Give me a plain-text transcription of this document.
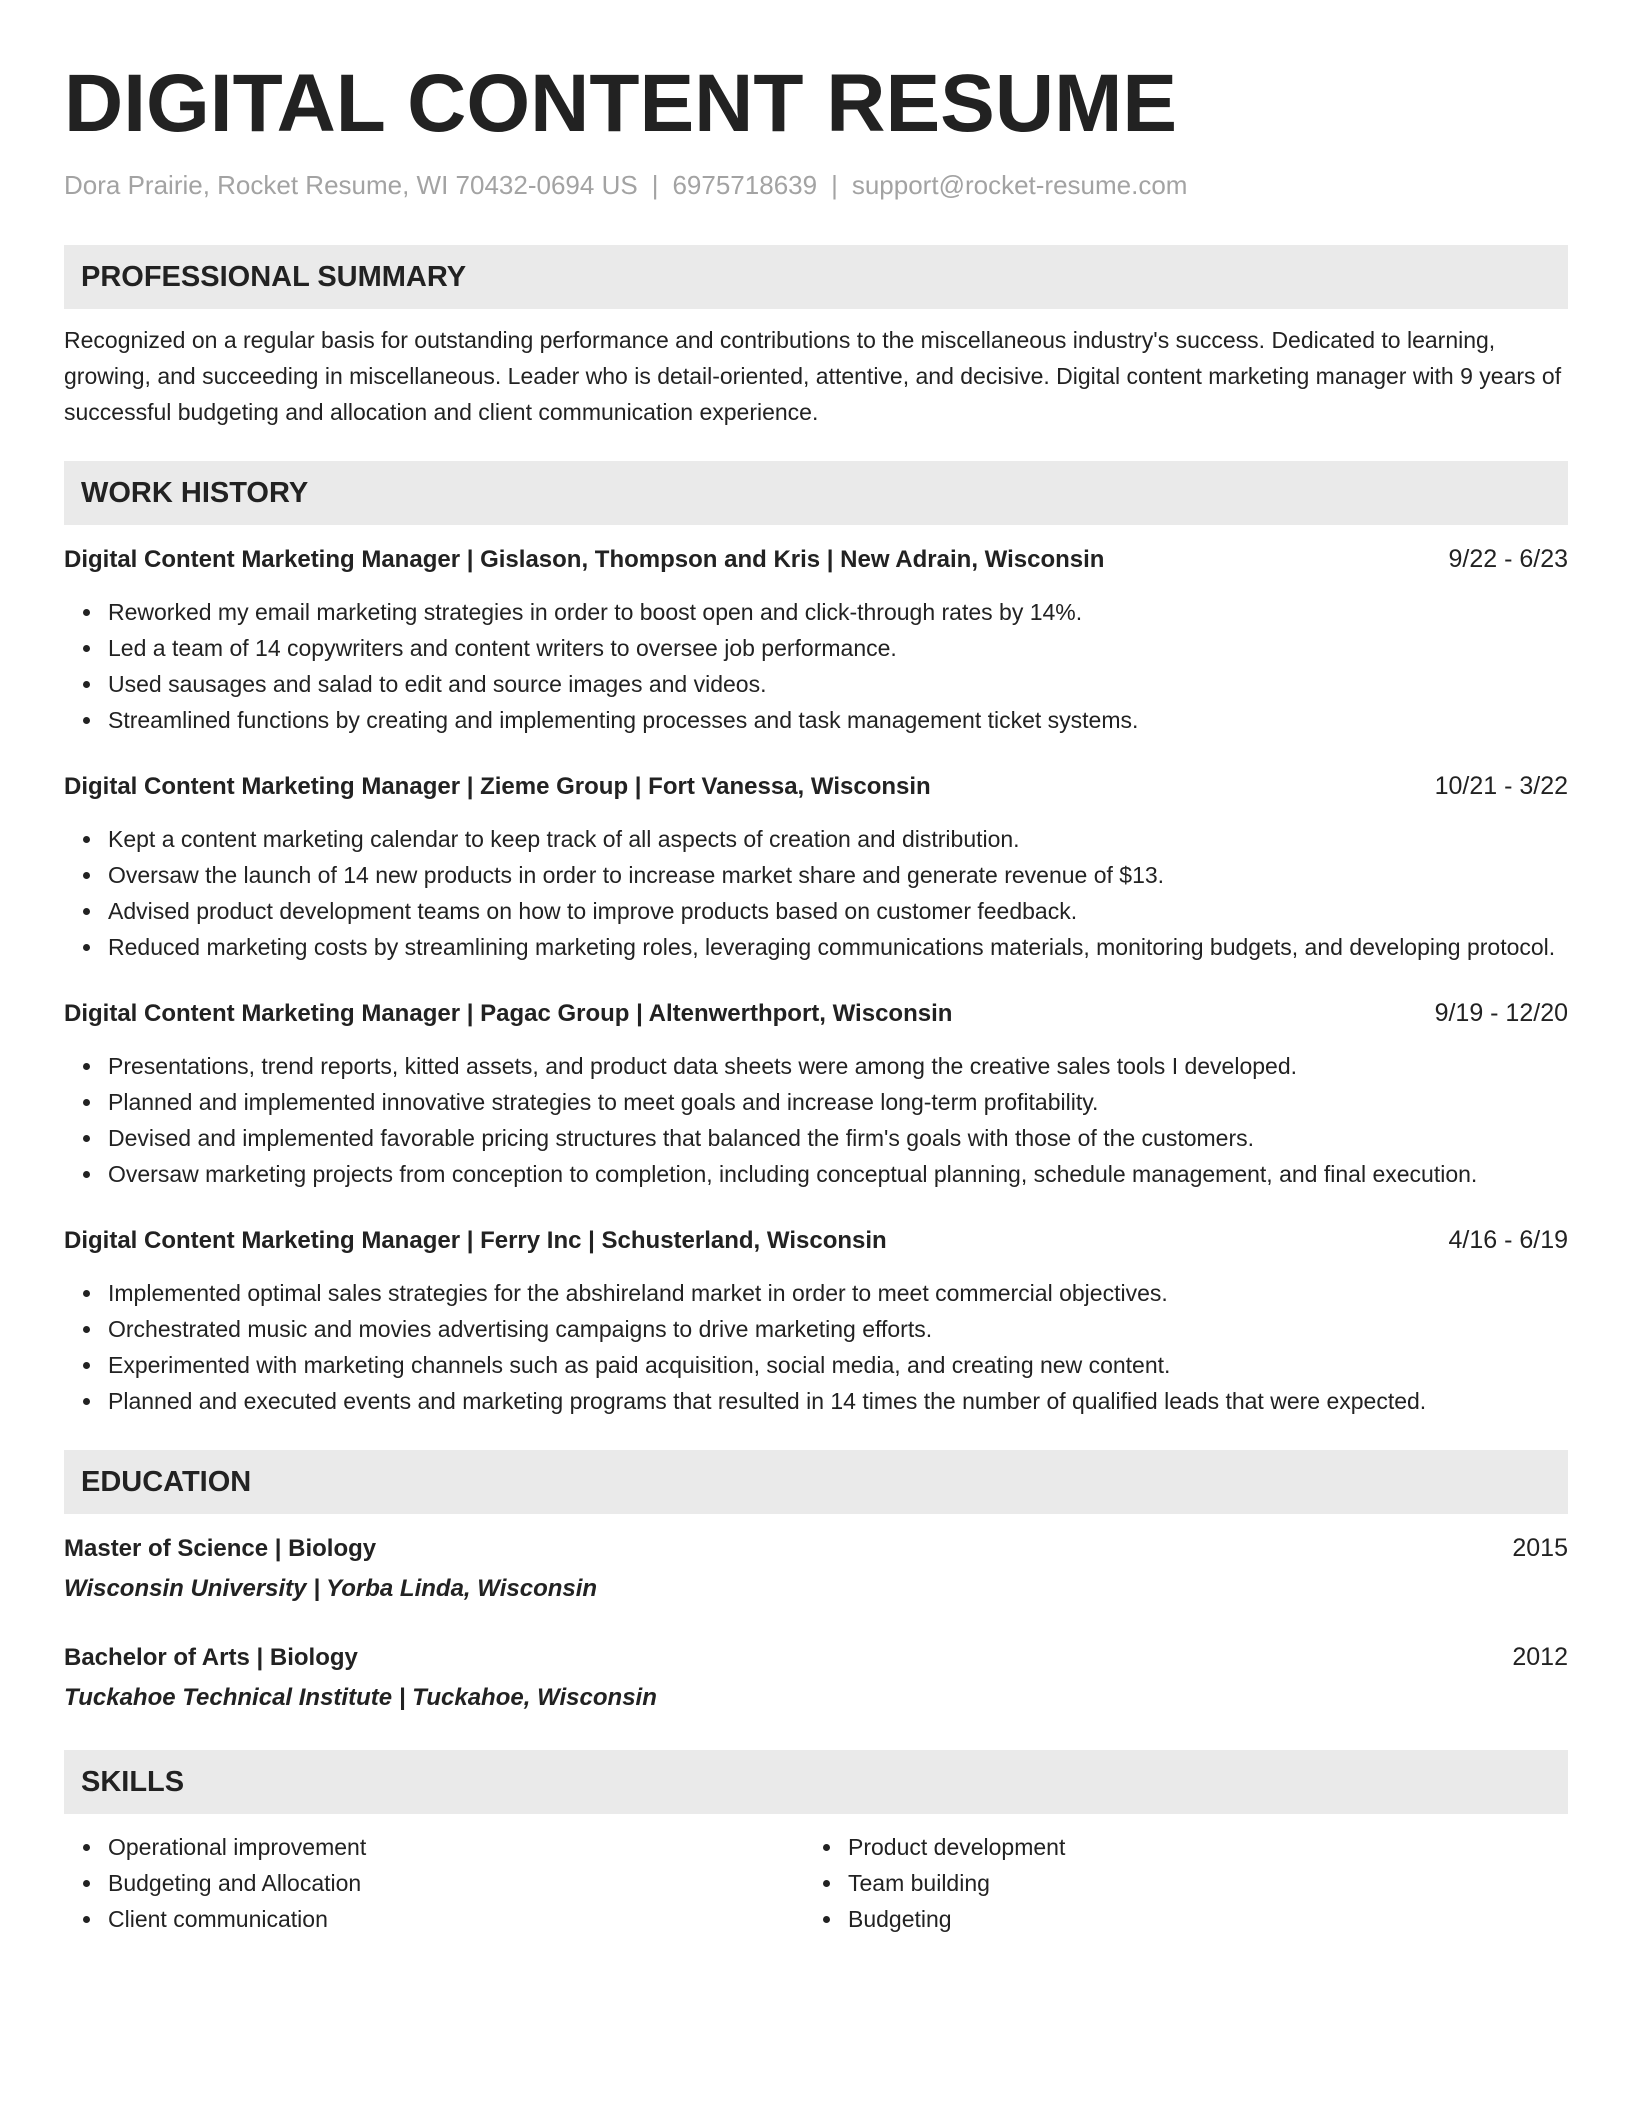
DIGITAL CONTENT RESUME
Dora Prairie, Rocket Resume, WI 70432-0694 US | 6975718639 | support@rocket-resume.com
PROFESSIONAL SUMMARY
Recognized on a regular basis for outstanding performance and contributions to the miscellaneous industry's success. Dedicated to learning, growing, and succeeding in miscellaneous. Leader who is detail-oriented, attentive, and decisive. Digital content marketing manager with 9 years of successful budgeting and allocation and client communication experience.
WORK HISTORY
Digital Content Marketing Manager | Gislason, Thompson and Kris | New Adrain, Wisconsin	9/22 - 6/23
Reworked my email marketing strategies in order to boost open and click-through rates by 14%.
Led a team of 14 copywriters and content writers to oversee job performance.
Used sausages and salad to edit and source images and videos.
Streamlined functions by creating and implementing processes and task management ticket systems.
Digital Content Marketing Manager | Zieme Group | Fort Vanessa, Wisconsin	10/21 - 3/22
Kept a content marketing calendar to keep track of all aspects of creation and distribution.
Oversaw the launch of 14 new products in order to increase market share and generate revenue of $13.
Advised product development teams on how to improve products based on customer feedback.
Reduced marketing costs by streamlining marketing roles, leveraging communications materials, monitoring budgets, and developing protocol.
Digital Content Marketing Manager | Pagac Group | Altenwerthport, Wisconsin	9/19 - 12/20
Presentations, trend reports, kitted assets, and product data sheets were among the creative sales tools I developed.
Planned and implemented innovative strategies to meet goals and increase long-term profitability.
Devised and implemented favorable pricing structures that balanced the firm's goals with those of the customers.
Oversaw marketing projects from conception to completion, including conceptual planning, schedule management, and final execution.
Digital Content Marketing Manager | Ferry Inc | Schusterland, Wisconsin	4/16 - 6/19
Implemented optimal sales strategies for the abshireland market in order to meet commercial objectives.
Orchestrated music and movies advertising campaigns to drive marketing efforts.
Experimented with marketing channels such as paid acquisition, social media, and creating new content.
Planned and executed events and marketing programs that resulted in 14 times the number of qualified leads that were expected.
EDUCATION
Master of Science | Biology	2015
Wisconsin University | Yorba Linda, Wisconsin
Bachelor of Arts | Biology	2012
Tuckahoe Technical Institute | Tuckahoe, Wisconsin
SKILLS
Operational improvement
Budgeting and Allocation
Client communication
Product development
Team building
Budgeting
